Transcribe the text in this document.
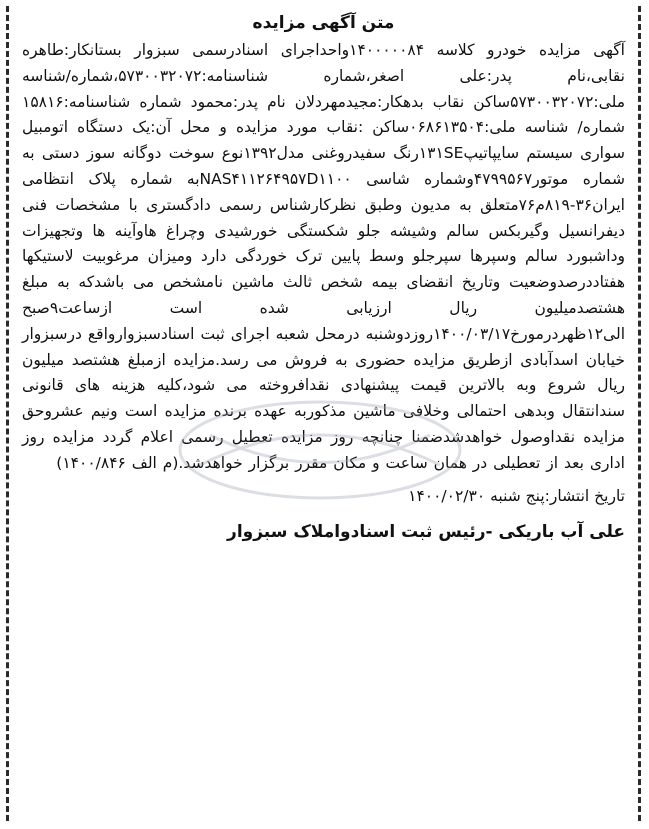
متن آگهی مزایده

آگهی مزایده خودرو کلاسه ۱۴۰۰۰۰۰۸۴واحداجرای اسنادرسمی سبزوار بستانکار:طاهره نقابی،نام پدر:علی اصغر،شماره شناسنامه:۵۷۳۰۰۳۲۰۷۲،شماره/شناسه ملی:۵۷۳۰۰۳۲۰۷۲ساکن نقاب بدهکار:مجیدمهردلان نام پدر:محمود شماره شناسنامه:۱۵۸۱۶ شماره/ شناسه ملی:۰۶۸۶۱۳۵۰۴ساکن :نقاب مورد مزایده و محل آن:یک دستگاه اتومبیل سواری سیستم سایپاتیپ۱۳۱SEرنگ سفیدروغنی مدل۱۳۹۲نوع سوخت دوگانه سوز دستی به شماره موتور۴۷۹۹۵۶۷وشماره شاسی NAS۴۱۱۲۶۴۹۵۷D۱۱۰۰به شماره پلاک انتظامی ایران۳۶-۸۱۹م۷۶متعلق به مدیون وطبق نظرکارشناس رسمی دادگستری با مشخصات فنی دیفرانسیل وگیربکس سالم وشیشه جلو شکستگی خورشیدی وچراغ هاوآینه ها وتجهیزات وداشبورد سالم وسپرها سپرجلو وسط پایین ترک خوردگی دارد ومیزان مرغوبیت لاستیکها هفتادد‌رصدوضعیت وتاریخ انقضای بیمه شخص ثالث ماشین نامشخص می باشدکه به مبلغ هشتصدمیلیون ریال ارزیابی شده است ازساعت۹صبح الی۱۲ظهردرمورخ۱۴۰۰/۰۳/۱۷روزدوشنبه درمحل شعبه اجرای ثبت اسنادسبزوارواقع درسبزوار خیابان اسدآبادی ازطریق مزایده حضوری به فروش می رسد.مزایده ازمبلغ هشتصد میلیون ریال شروع وبه بالاترین قیمت پیشنهادی نقدافروخته می شود،کلیه هزینه های قانونی سندانتقال وبدهی احتمالی وخلافی ماشین مذکوربه عهده برنده مزایده است ونیم عشروحق مزایده نقداوصول خواهدشدضمنا چنانچه روز مزایده تعطیل رسمی اعلام گردد مزایده روز اداری بعد از تعطیلی در همان ساعت و مکان مقرر برگزار خواهدشد.(م الف ۱۴۰۰/۸۴۶)

تاریخ انتشار:پنج شنبه ۱۴۰۰/۰۲/۳۰

علی آب باریکی -رئیس ثبت اسنادواملاک سبزوار
